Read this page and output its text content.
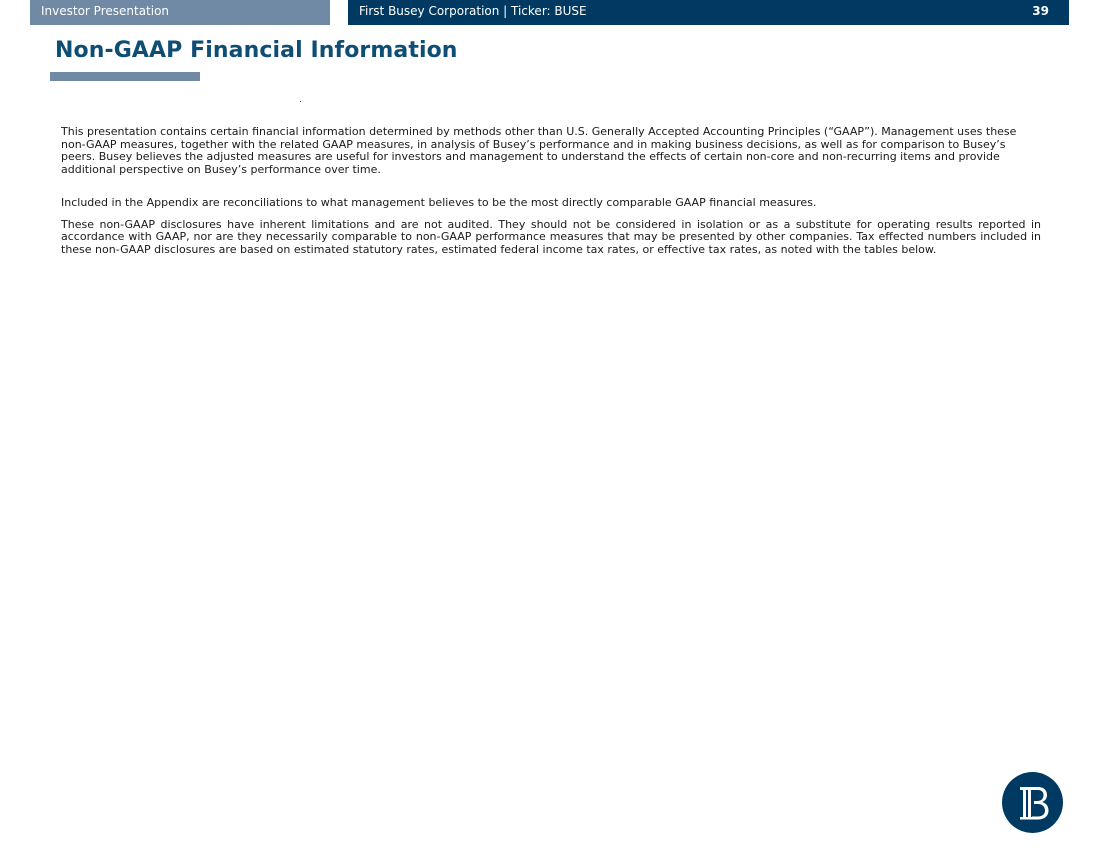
Investor Presentation	First Busey Corporation | Ticker: BUSE	39
Non-GAAP Financial Information

This presentation contains certain financial information determined by methods other than U.S. Generally Accepted Accounting Principles (“GAAP”). Management uses these non-GAAP measures, together with the related GAAP measures, in analysis of Busey’s performance and in making business decisions, as well as for comparison to Busey’s peers. Busey believes the adjusted measures are useful for investors and management to understand the effects of certain non-core and non-recurring items and provide additional perspective on Busey’s performance over time.

Included in the Appendix are reconciliations to what management believes to be the most directly comparable GAAP financial measures.

These non-GAAP disclosures have inherent limitations and are not audited. They should not be considered in isolation or as a substitute for operating results reported in accordance with GAAP, nor are they necessarily comparable to non-GAAP performance measures that may be presented by other companies. Tax effected numbers included in these non-GAAP disclosures are based on estimated statutory rates, estimated federal income tax rates, or effective tax rates, as noted with the tables below.
